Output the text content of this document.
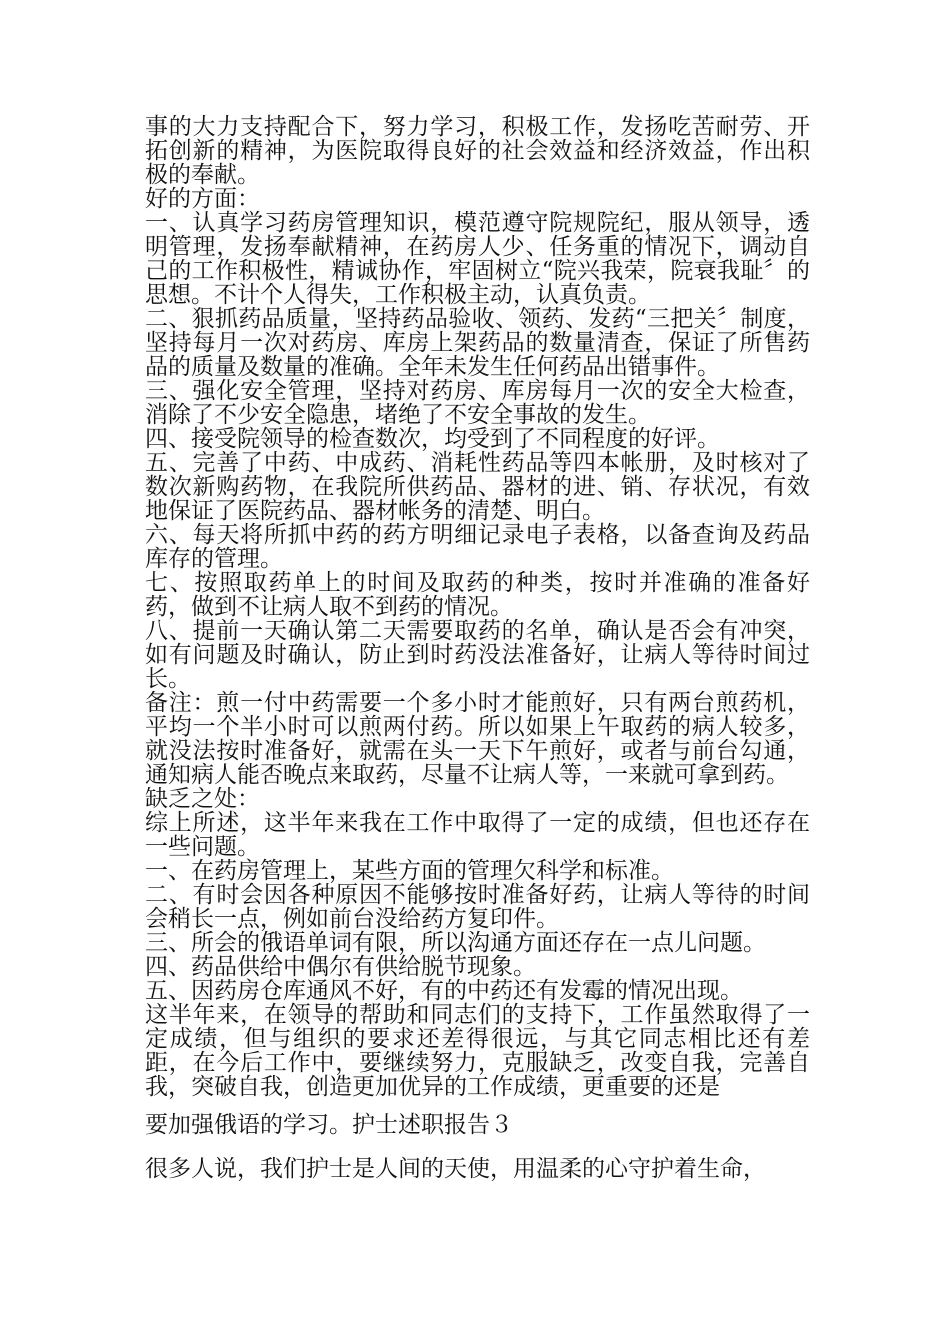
事的大力支持配合下，努力学习，积极工作，发扬吃苦耐劳、开拓创新的精神，为医院取得良好的社会效益和经济效益，作出积极的奉献。

好的方面：

一、认真学习药房管理知识，模范遵守院规院纪，服从领导，透明管理，发扬奉献精神，在药房人少、任务重的情况下，调动自己的工作积极性，精诚协作，牢固树立“院兴我荣，院衰我耻〞的思想。不计个人得失，工作积极主动，认真负责。

二、狠抓药品质量，坚持药品验收、领药、发药“三把关〞制度，坚持每月一次对药房、库房上架药品的数量清查，保证了所售药品的质量及数量的准确。全年未发生任何药品出错事件。

三、强化安全管理，坚持对药房、库房每月一次的安全大检查，消除了不少安全隐患，堵绝了不安全事故的发生。

四、接受院领导的检查数次，均受到了不同程度的好评。

五、完善了中药、中成药、消耗性药品等四本帐册，及时核对了数次新购药物，在我院所供药品、器材的进、销、存状况，有效地保证了医院药品、器材帐务的清楚、明白。

六、每天将所抓中药的药方明细记录电子表格，以备查询及药品库存的管理。

七、按照取药单上的时间及取药的种类，按时并准确的准备好药，做到不让病人取不到药的情况。

八、提前一天确认第二天需要取药的名单，确认是否会有冲突，如有问题及时确认，防止到时药没法准备好，让病人等待时间过长。

备注：煎一付中药需要一个多小时才能煎好，只有两台煎药机，平均一个半小时可以煎两付药。所以如果上午取药的病人较多，就没法按时准备好，就需在头一天下午煎好，或者与前台勾通，通知病人能否晚点来取药，尽量不让病人等，一来就可拿到药。

缺乏之处：

综上所述，这半年来我在工作中取得了一定的成绩，但也还存在一些问题。

一、在药房管理上，某些方面的管理欠科学和标准。

二、有时会因各种原因不能够按时准备好药，让病人等待的时间会稍长一点，例如前台没给药方复印件。

三、所会的俄语单词有限，所以沟通方面还存在一点儿问题。

四、药品供给中偶尔有供给脱节现象。

五、因药房仓库通风不好，有的中药还有发霉的情况出现。

这半年来，在领导的帮助和同志们的支持下，工作虽然取得了一定成绩，但与组织的要求还差得很远，与其它同志相比还有差距，在今后工作中，要继续努力，克服缺乏，改变自我，完善自我，突破自我，创造更加优异的工作成绩，更重要的还是

要加强俄语的学习。护士述职报告３

很多人说，我们护士是人间的天使，用温柔的心守护着生命，
